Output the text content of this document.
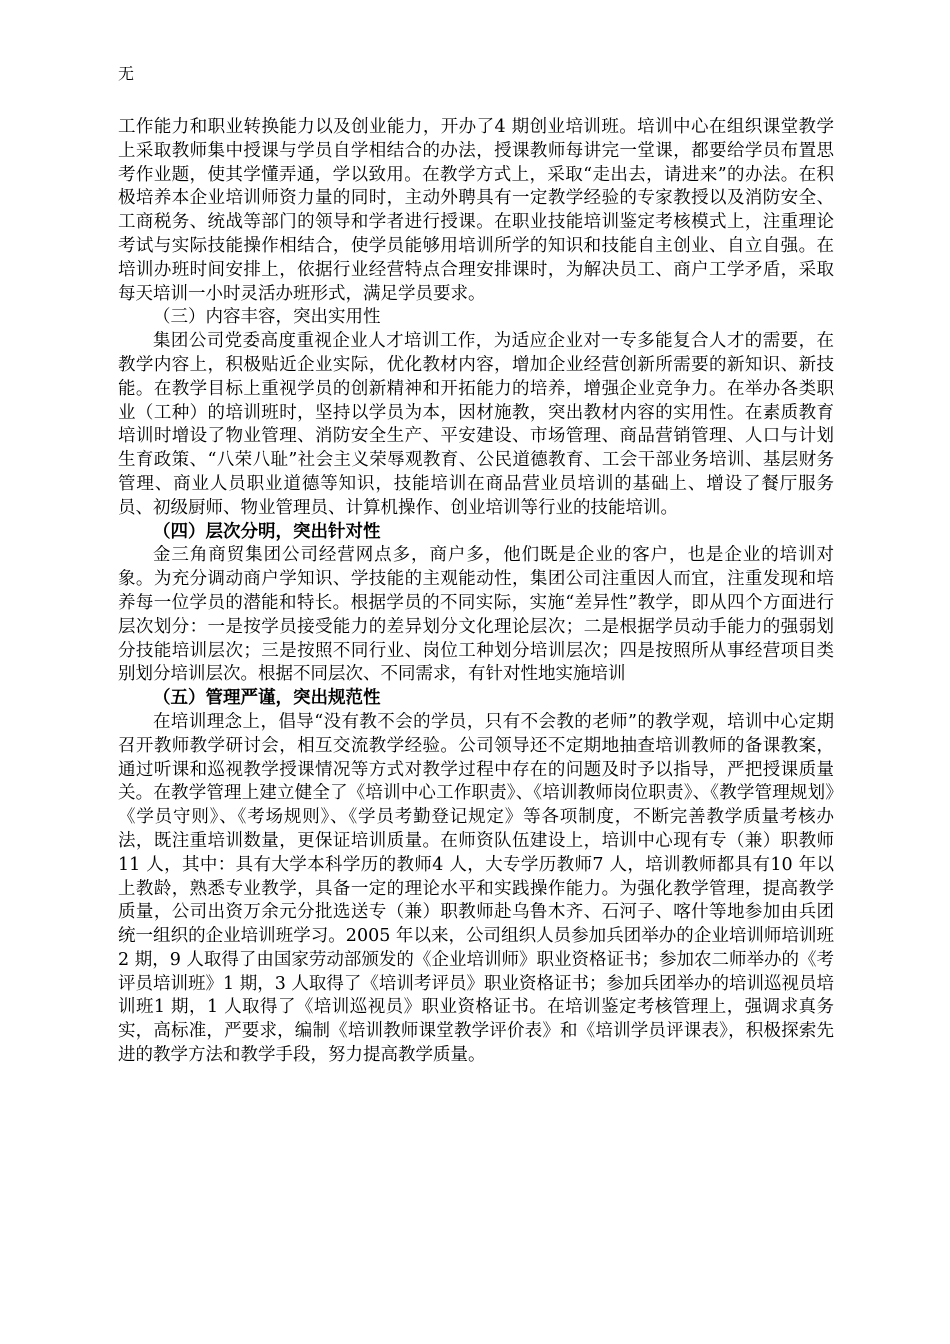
无

工作能力和职业转换能力以及创业能力，开办了4 期创业培训班。培训中心在组织课堂教学上采取教师集中授课与学员自学相结合的办法，授课教师每讲完一堂课，都要给学员布置思考作业题，使其学懂弄通，学以致用。在教学方式上，采取“走出去，请进来”的办法。在积极培养本企业培训师资力量的同时，主动外聘具有一定教学经验的专家教授以及消防安全、工商税务、统战等部门的领导和学者进行授课。在职业技能培训鉴定考核模式上，注重理论考试与实际技能操作相结合，使学员能够用培训所学的知识和技能自主创业、自立自强。在培训办班时间安排上，依据行业经营特点合理安排课时，为解决员工、商户工学矛盾，采取每天培训一小时灵活办班形式，满足学员要求。

（三）内容丰容，突出实用性

集团公司党委高度重视企业人才培训工作，为适应企业对一专多能复合人才的需要，在教学内容上，积极贴近企业实际，优化教材内容，增加企业经营创新所需要的新知识、新技能。在教学目标上重视学员的创新精神和开拓能力的培养，增强企业竞争力。在举办各类职业（工种）的培训班时，坚持以学员为本，因材施教，突出教材内容的实用性。在素质教育培训时增设了物业管理、消防安全生产、平安建设、市场管理、商品营销管理、人口与计划生育政策、“八荣八耻”社会主义荣辱观教育、公民道德教育、工会干部业务培训、基层财务管理、商业人员职业道德等知识，技能培训在商品营业员培训的基础上、增设了餐厅服务员、初级厨师、物业管理员、计算机操作、创业培训等行业的技能培训。

（四）层次分明，突出针对性

金三角商贸集团公司经营网点多，商户多，他们既是企业的客户，也是企业的培训对象。为充分调动商户学知识、学技能的主观能动性，集团公司注重因人而宜，注重发现和培养每一位学员的潜能和特长。根据学员的不同实际，实施“差异性”教学，即从四个方面进行层次划分：一是按学员接受能力的差异划分文化理论层次；二是根据学员动手能力的强弱划分技能培训层次；三是按照不同行业、岗位工种划分培训层次；四是按照所从事经营项目类别划分培训层次。根据不同层次、不同需求，有针对性地实施培训

（五）管理严谨，突出规范性

在培训理念上，倡导“没有教不会的学员，只有不会教的老师”的教学观，培训中心定期召开教师教学研讨会，相互交流教学经验。公司领导还不定期地抽查培训教师的备课教案，通过听课和巡视教学授课情况等方式对教学过程中存在的问题及时予以指导，严把授课质量关。在教学管理上建立健全了《培训中心工作职责》、《培训教师岗位职责》、《教学管理规划》《学员守则》、《考场规则》、《学员考勤登记规定》等各项制度，不断完善教学质量考核办法，既注重培训数量，更保证培训质量。在师资队伍建设上，培训中心现有专（兼）职教师11 人，其中：具有大学本科学历的教师4 人，大专学历教师7 人，培训教师都具有10 年以上教龄，熟悉专业教学，具备一定的理论水平和实践操作能力。为强化教学管理，提高教学质量，公司出资万余元分批选送专（兼）职教师赴乌鲁木齐、石河子、喀什等地参加由兵团统一组织的企业培训班学习。2005 年以来，公司组织人员参加兵团举办的企业培训师培训班2 期，9 人取得了由国家劳动部颁发的《企业培训师》职业资格证书；参加农二师举办的《考评员培训班》1 期，3 人取得了《培训考评员》职业资格证书；参加兵团举办的培训巡视员培训班1 期，1 人取得了《培训巡视员》职业资格证书。在培训鉴定考核管理上，强调求真务实，高标准，严要求，编制《培训教师课堂教学评价表》和《培训学员评课表》，积极探索先进的教学方法和教学手段，努力提高教学质量。
